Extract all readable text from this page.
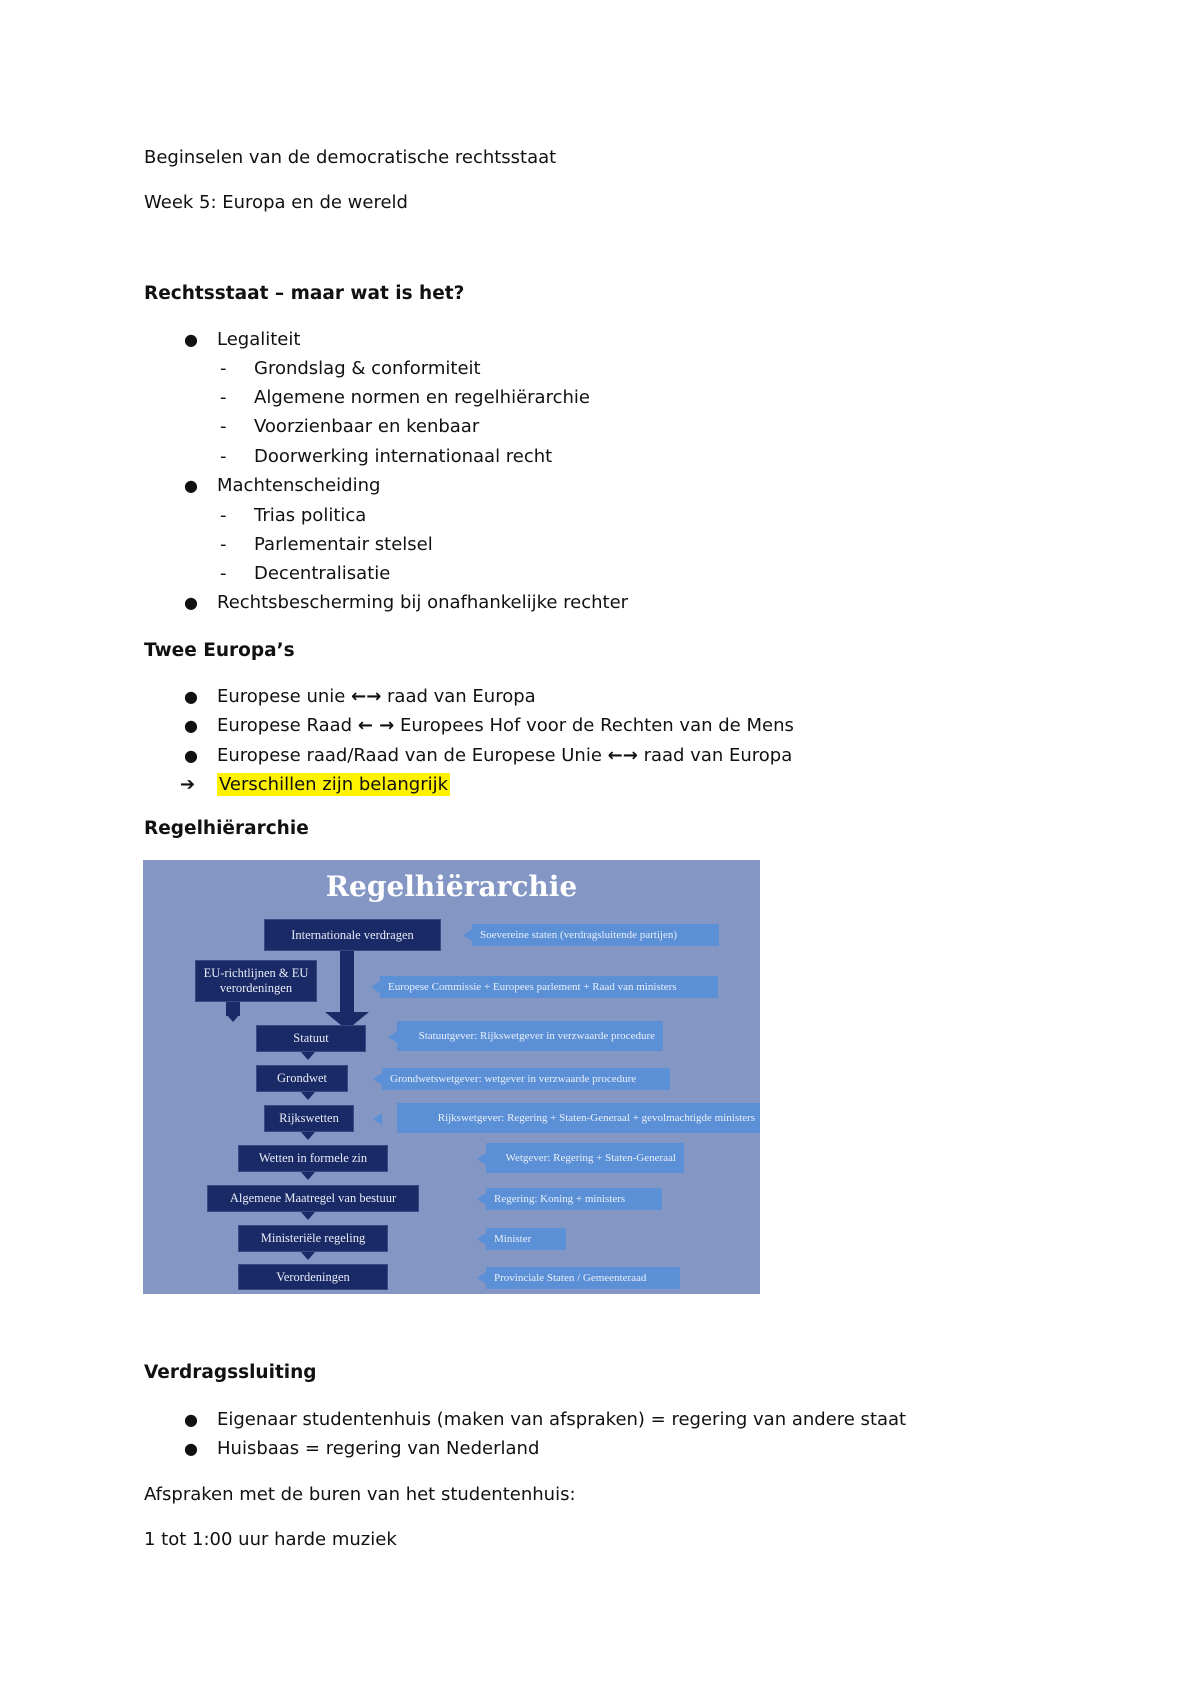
Beginselen van de democratische rechtsstaat
Week 5: Europa en de wereld
Rechtsstaat – maar wat is het?
● Legaliteit
- Grondslag & conformiteit
- Algemene normen en regelhiërarchie
- Voorzienbaar en kenbaar
- Doorwerking internationaal recht
● Machtenscheiding
- Trias politica
- Parlementair stelsel
- Decentralisatie
● Rechtsbescherming bij onafhankelijke rechter
Twee Europa’s
● Europese unie ←→ raad van Europa
● Europese Raad ← → Europees Hof voor de Rechten van de Mens
● Europese raad/Raad van de Europese Unie ←→ raad van Europa
➔ Verschillen zijn belangrijk
Regelhiërarchie
Regelhiërarchie
Internationale verdragen
EU-richtlijnen & EU verordeningen
Statuut
Grondwet
Rijkswetten
Wetten in formele zin
Algemene Maatregel van bestuur
Ministeriële regeling
Verordeningen
Soevereine staten (verdragsluitende partijen)
Europese Commissie + Europees parlement + Raad van ministers
Statuutgever: Rijkswetgever in verzwaarde procedure
Grondwetswetgever: wetgever in verzwaarde procedure
Rijkswetgever: Regering + Staten-Generaal + gevolmachtigde ministers
Wetgever: Regering + Staten-Generaal
Regering: Koning + ministers
Minister
Provinciale Staten / Gemeenteraad
Verdragssluiting
● Eigenaar studentenhuis (maken van afspraken) = regering van andere staat
● Huisbaas = regering van Nederland
Afspraken met de buren van het studentenhuis:
1 tot 1:00 uur harde muziek
